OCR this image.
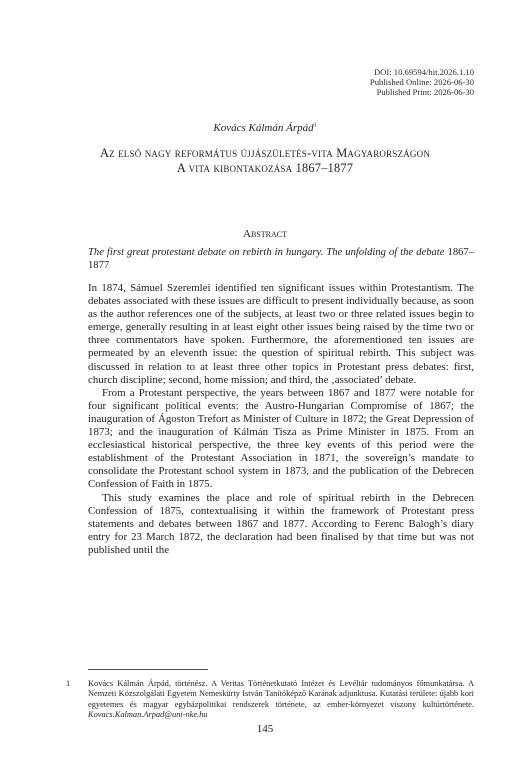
DOI: 10.69594/hit.2026.1.10
Published Online: 2026-06-30
Published Print: 2026-06-30
Kovács Kálmán Árpád$^1$
Az első nagy református újjászületés-vita Magyarországon
A vita kibontakozása 1867–1877
Abstract
The first great protestant debate on rebirth in hungary. The unfolding of the debate 1867–1877

In 1874, Sámuel Szeremlei identified ten significant issues within Protestantism. The debates associated with these issues are difficult to present individually because, as soon as the author references one of the subjects, at least two or three related issues begin to emerge, generally resulting in at least eight other issues being raised by the time two or three commentators have spoken. Furthermore, the aforementioned ten issues are permeated by an eleventh issue: the question of spiritual rebirth. This subject was discussed in relation to at least three other topics in Protestant press debates: first, church discipline; second, home mission; and third, the ‚associated’ debate.

From a Protestant perspective, the years between 1867 and 1877 were notable for four significant political events: the Austro-Hungarian Compromise of 1867; the inauguration of Ágoston Trefort as Minister of Culture in 1872; the Great Depression of 1873; and the inauguration of Kálmán Tisza as Prime Minister in 1875. From an ecclesiastical historical perspective, the three key events of this period were the establishment of the Protestant Association in 1871, the sovereign’s mandate to consolidate the Protestant school system in 1873, and the publication of the Debrecen Confession of Faith in 1875.

This study examines the place and role of spiritual rebirth in the Debrecen Confession of 1875, contextualising it within the framework of Protestant press statements and debates between 1867 and 1877. According to Ferenc Balogh’s diary entry for 23 March 1872, the declaration had been finalised by that time but was not published until the

1 Kovács Kálmán Árpád, történész. A Veritas Történetkutató Intézet és Levéltár tudományos főmunkatársa. A Nemzeti Közszolgálati Egyetem Nemeskürty István Tanítóképző Karának adjunktusa. Kutatási területe: újabb kori egyetemes és magyar egyházpolitikai rendszerek története, az ember-környezet viszony kultúrtörténete. Kovacs.Kalman.Arpad@uni-nke.hu
145
